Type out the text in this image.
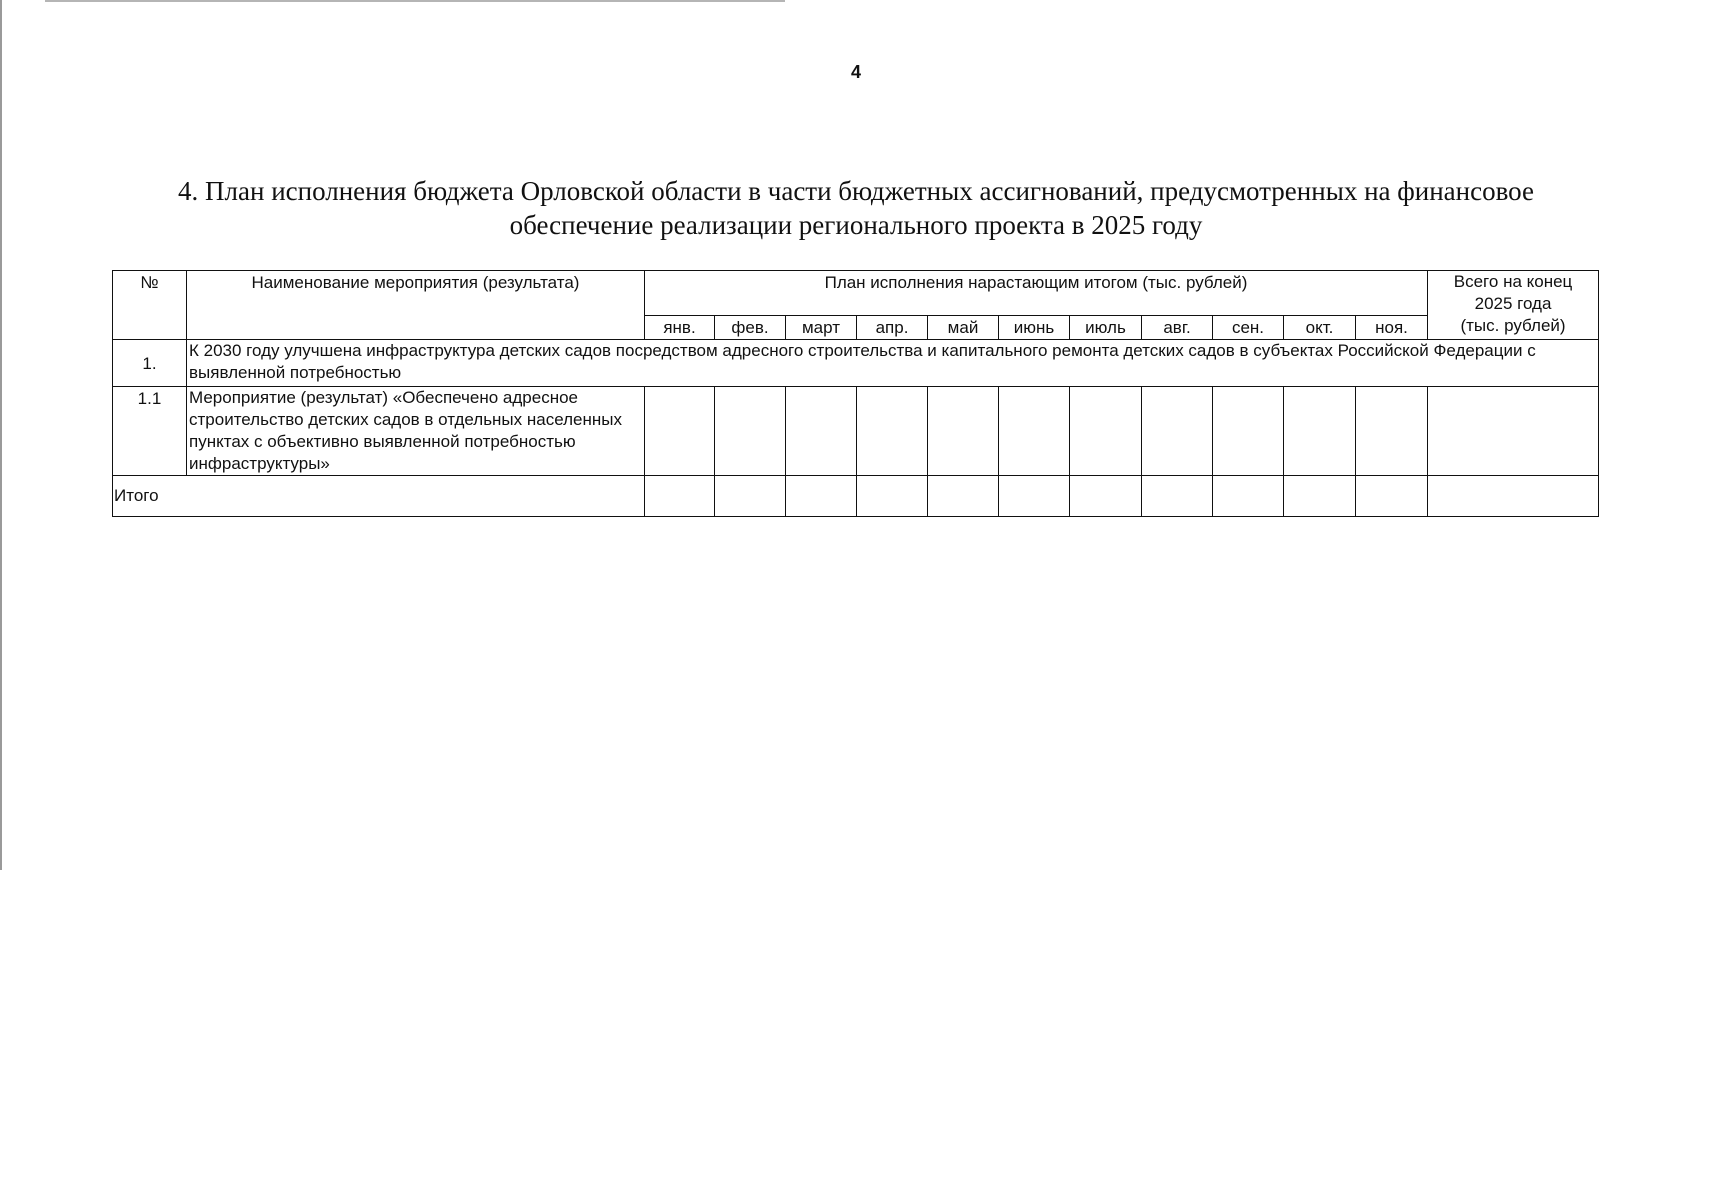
4
4. План исполнения бюджета Орловской области в части бюджетных ассигнований, предусмотренных на финансовое
обеспечение реализации регионального проекта в 2025 году
№	Наименование мероприятия (результата)	План исполнения нарастающим итогом (тыс. рублей)											Всего на конец
2025 года
(тыс. рублей)

		янв.	фев.	март	апр.	май	июнь	июль	авг.	сен.	окт.	ноя.	
1.	К 2030 году улучшена инфраструктура детских садов посредством адресного строительства и капитального ремонта детских садов в субъектах Российской Федерации с выявленной потребностью												
1.1	Мероприятие (результат) «Обеспечено адресное строительство детских садов в отдельных населенных пунктах с объективно выявленной потребностью инфраструктуры»												
Итого													
